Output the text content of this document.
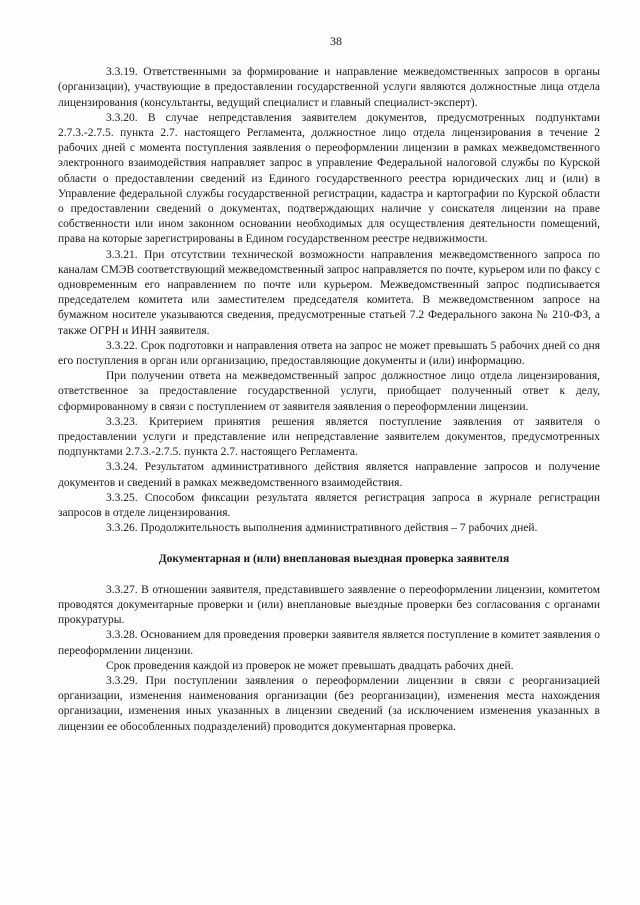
38

3.3.19. Ответственными за формирование и направление межведомственных запросов в органы (организации), участвующие в предоставлении государственной услуги являются должностные лица отдела лицензирования (консультанты, ведущий специалист и главный специалист-эксперт).

3.3.20. В случае непредставления заявителем документов, предусмотренных подпунктами 2.7.3.-2.7.5. пункта 2.7. настоящего Регламента, должностное лицо отдела лицензирования в течение 2 рабочих дней с момента поступления заявления о переоформлении лицензии в рамках межведомственного электронного взаимодействия направляет запрос в управление Федеральной налоговой службы по Курской области о предоставлении сведений из Единого государственного реестра юридических лиц и (или) в Управление федеральной службы государственной регистрации, кадастра и картографии по Курской области о предоставлении сведений о документах, подтверждающих наличие у соискателя лицензии на праве собственности или ином законном основании необходимых для осуществления деятельности помещений, права на которые зарегистрированы в Едином государственном реестре недвижимости.

3.3.21. При отсутствии технической возможности направления межведомственного запроса по каналам СМЭВ соответствующий межведомственный запрос направляется по почте, курьером или по факсу с одновременным его направлением по почте или курьером. Межведомственный запрос подписывается председателем комитета или заместителем председателя комитета. В межведомственном запросе на бумажном носителе указываются сведения, предусмотренные статьей 7.2 Федерального закона № 210-ФЗ, а также ОГРН и ИНН заявителя.

3.3.22. Срок подготовки и направления ответа на запрос не может превышать 5 рабочих дней со дня его поступления в орган или организацию, предоставляющие документы и (или) информацию.

При получении ответа на межведомственный запрос должностное лицо отдела лицензирования, ответственное за предоставление государственной услуги, приобщает полученный ответ к делу, сформированному в связи с поступлением от заявителя заявления о переоформлении лицензии.

3.3.23. Критерием принятия решения является поступление заявления от заявителя о предоставлении услуги и представление или непредставление заявителем документов, предусмотренных подпунктами 2.7.3.-2.7.5. пункта 2.7. настоящего Регламента.

3.3.24. Результатом административного действия является направление запросов и получение документов и сведений в рамках межведомственного взаимодействия.

3.3.25. Способом фиксации результата является регистрация запроса в журнале регистрации запросов в отделе лицензирования.

3.3.26. Продолжительность выполнения административного действия – 7 рабочих дней.

Документарная и (или) внеплановая выездная проверка заявителя

3.3.27. В отношении заявителя, представившего заявление о переоформлении лицензии, комитетом проводятся документарные проверки и (или) внеплановые выездные проверки без согласования с органами прокуратуры.

3.3.28. Основанием для проведения проверки заявителя является поступление в комитет заявления о переоформлении лицензии.

Срок проведения каждой из проверок не может превышать двадцать рабочих дней.

3.3.29. При поступлении заявления о переоформлении лицензии в связи с реорганизацией организации, изменения наименования организации (без реорганизации), изменения места нахождения организации, изменения иных указанных в лицензии сведений (за исключением изменения указанных в лицензии ее обособленных подразделений) проводится документарная проверка.
